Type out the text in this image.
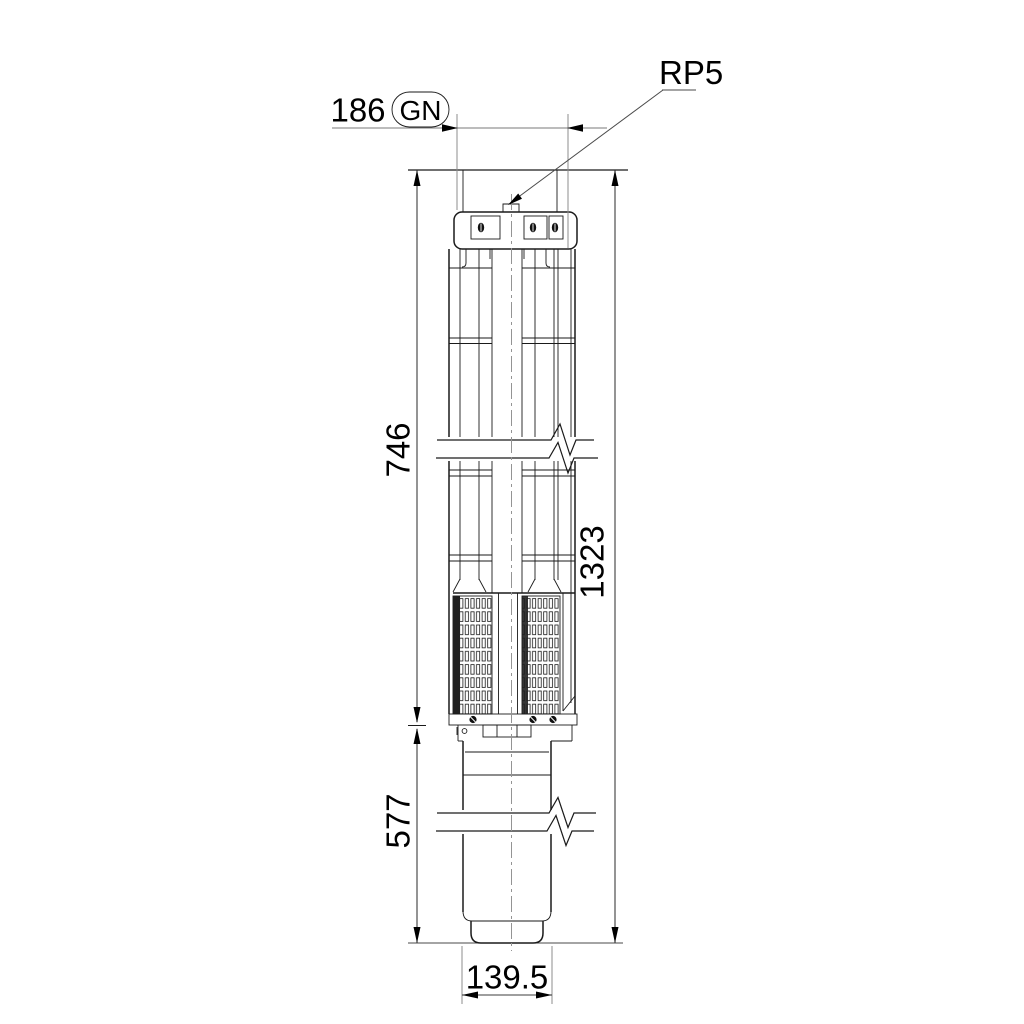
186 GN
RP5
746
577
1323
139.5
